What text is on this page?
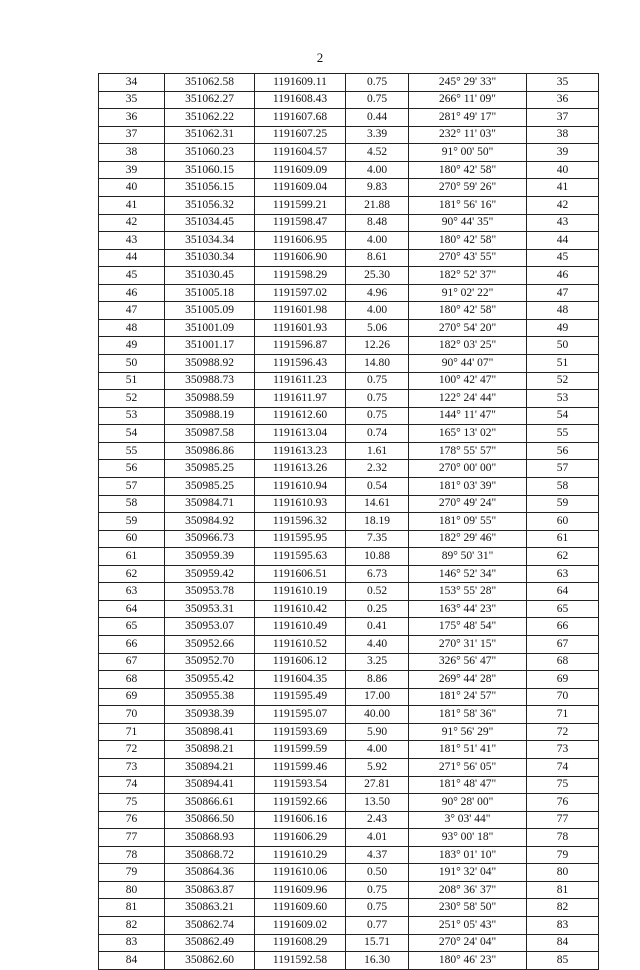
2
34	351062.58	1191609.11	0.75	245° 29' 33"	35
35	351062.27	1191608.43	0.75	266° 11' 09"	36
36	351062.22	1191607.68	0.44	281° 49' 17"	37
37	351062.31	1191607.25	3.39	232° 11' 03"	38
38	351060.23	1191604.57	4.52	91° 00' 50"	39
39	351060.15	1191609.09	4.00	180° 42' 58"	40
40	351056.15	1191609.04	9.83	270° 59' 26"	41
41	351056.32	1191599.21	21.88	181° 56' 16"	42
42	351034.45	1191598.47	8.48	90° 44' 35"	43
43	351034.34	1191606.95	4.00	180° 42' 58"	44
44	351030.34	1191606.90	8.61	270° 43' 55"	45
45	351030.45	1191598.29	25.30	182° 52' 37"	46
46	351005.18	1191597.02	4.96	91° 02' 22"	47
47	351005.09	1191601.98	4.00	180° 42' 58"	48
48	351001.09	1191601.93	5.06	270° 54' 20"	49
49	351001.17	1191596.87	12.26	182° 03' 25"	50
50	350988.92	1191596.43	14.80	90° 44' 07"	51
51	350988.73	1191611.23	0.75	100° 42' 47"	52
52	350988.59	1191611.97	0.75	122° 24' 44"	53
53	350988.19	1191612.60	0.75	144° 11' 47"	54
54	350987.58	1191613.04	0.74	165° 13' 02"	55
55	350986.86	1191613.23	1.61	178° 55' 57"	56
56	350985.25	1191613.26	2.32	270° 00' 00"	57
57	350985.25	1191610.94	0.54	181° 03' 39"	58
58	350984.71	1191610.93	14.61	270° 49' 24"	59
59	350984.92	1191596.32	18.19	181° 09' 55"	60
60	350966.73	1191595.95	7.35	182° 29' 46"	61
61	350959.39	1191595.63	10.88	89° 50' 31"	62
62	350959.42	1191606.51	6.73	146° 52' 34"	63
63	350953.78	1191610.19	0.52	153° 55' 28"	64
64	350953.31	1191610.42	0.25	163° 44' 23"	65
65	350953.07	1191610.49	0.41	175° 48' 54"	66
66	350952.66	1191610.52	4.40	270° 31' 15"	67
67	350952.70	1191606.12	3.25	326° 56' 47"	68
68	350955.42	1191604.35	8.86	269° 44' 28"	69
69	350955.38	1191595.49	17.00	181° 24' 57"	70
70	350938.39	1191595.07	40.00	181° 58' 36"	71
71	350898.41	1191593.69	5.90	91° 56' 29"	72
72	350898.21	1191599.59	4.00	181° 51' 41"	73
73	350894.21	1191599.46	5.92	271° 56' 05"	74
74	350894.41	1191593.54	27.81	181° 48' 47"	75
75	350866.61	1191592.66	13.50	90° 28' 00"	76
76	350866.50	1191606.16	2.43	3° 03' 44"	77
77	350868.93	1191606.29	4.01	93° 00' 18"	78
78	350868.72	1191610.29	4.37	183° 01' 10"	79
79	350864.36	1191610.06	0.50	191° 32' 04"	80
80	350863.87	1191609.96	0.75	208° 36' 37"	81
81	350863.21	1191609.60	0.75	230° 58' 50"	82
82	350862.74	1191609.02	0.77	251° 05' 43"	83
83	350862.49	1191608.29	15.71	270° 24' 04"	84
84	350862.60	1191592.58	16.30	180° 46' 23"	85
